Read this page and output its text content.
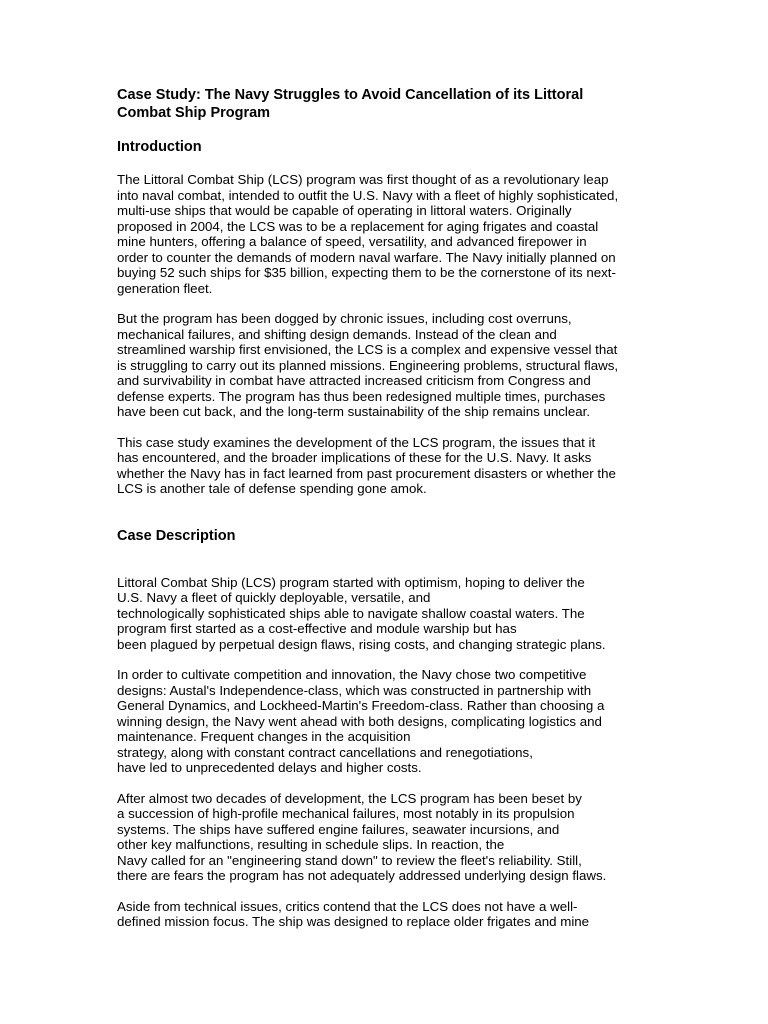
Case Study: The Navy Struggles to Avoid Cancellation of its Littoral
Combat Ship Program
Introduction
The Littoral Combat Ship (LCS) program was first thought of as a revolutionary leap
into naval combat, intended to outfit the U.S. Navy with a fleet of highly sophisticated,
multi-use ships that would be capable of operating in littoral waters. Originally
proposed in 2004, the LCS was to be a replacement for aging frigates and coastal
mine hunters, offering a balance of speed, versatility, and advanced firepower in
order to counter the demands of modern naval warfare. The Navy initially planned on
buying 52 such ships for $35 billion, expecting them to be the cornerstone of its next-
generation fleet.
But the program has been dogged by chronic issues, including cost overruns,
mechanical failures, and shifting design demands. Instead of the clean and
streamlined warship first envisioned, the LCS is a complex and expensive vessel that
is struggling to carry out its planned missions. Engineering problems, structural flaws,
and survivability in combat have attracted increased criticism from Congress and
defense experts. The program has thus been redesigned multiple times, purchases
have been cut back, and the long-term sustainability of the ship remains unclear.
This case study examines the development of the LCS program, the issues that it
has encountered, and the broader implications of these for the U.S. Navy. It asks
whether the Navy has in fact learned from past procurement disasters or whether the
LCS is another tale of defense spending gone amok.
Case Description
Littoral Combat Ship (LCS) program started with optimism, hoping to deliver the
U.S. Navy a fleet of quickly deployable, versatile, and
technologically sophisticated ships able to navigate shallow coastal waters. The
program first started as a cost-effective and module warship but has
been plagued by perpetual design flaws, rising costs, and changing strategic plans.
In order to cultivate competition and innovation, the Navy chose two competitive
designs: Austal's Independence-class, which was constructed in partnership with
General Dynamics, and Lockheed-Martin's Freedom-class. Rather than choosing a
winning design, the Navy went ahead with both designs, complicating logistics and
maintenance. Frequent changes in the acquisition
strategy, along with constant contract cancellations and renegotiations,
have led to unprecedented delays and higher costs.
After almost two decades of development, the LCS program has been beset by
a succession of high-profile mechanical failures, most notably in its propulsion
systems. The ships have suffered engine failures, seawater incursions, and
other key malfunctions, resulting in schedule slips. In reaction, the
Navy called for an "engineering stand down" to review the fleet's reliability. Still,
there are fears the program has not adequately addressed underlying design flaws.
Aside from technical issues, critics contend that the LCS does not have a well-
defined mission focus. The ship was designed to replace older frigates and mine
